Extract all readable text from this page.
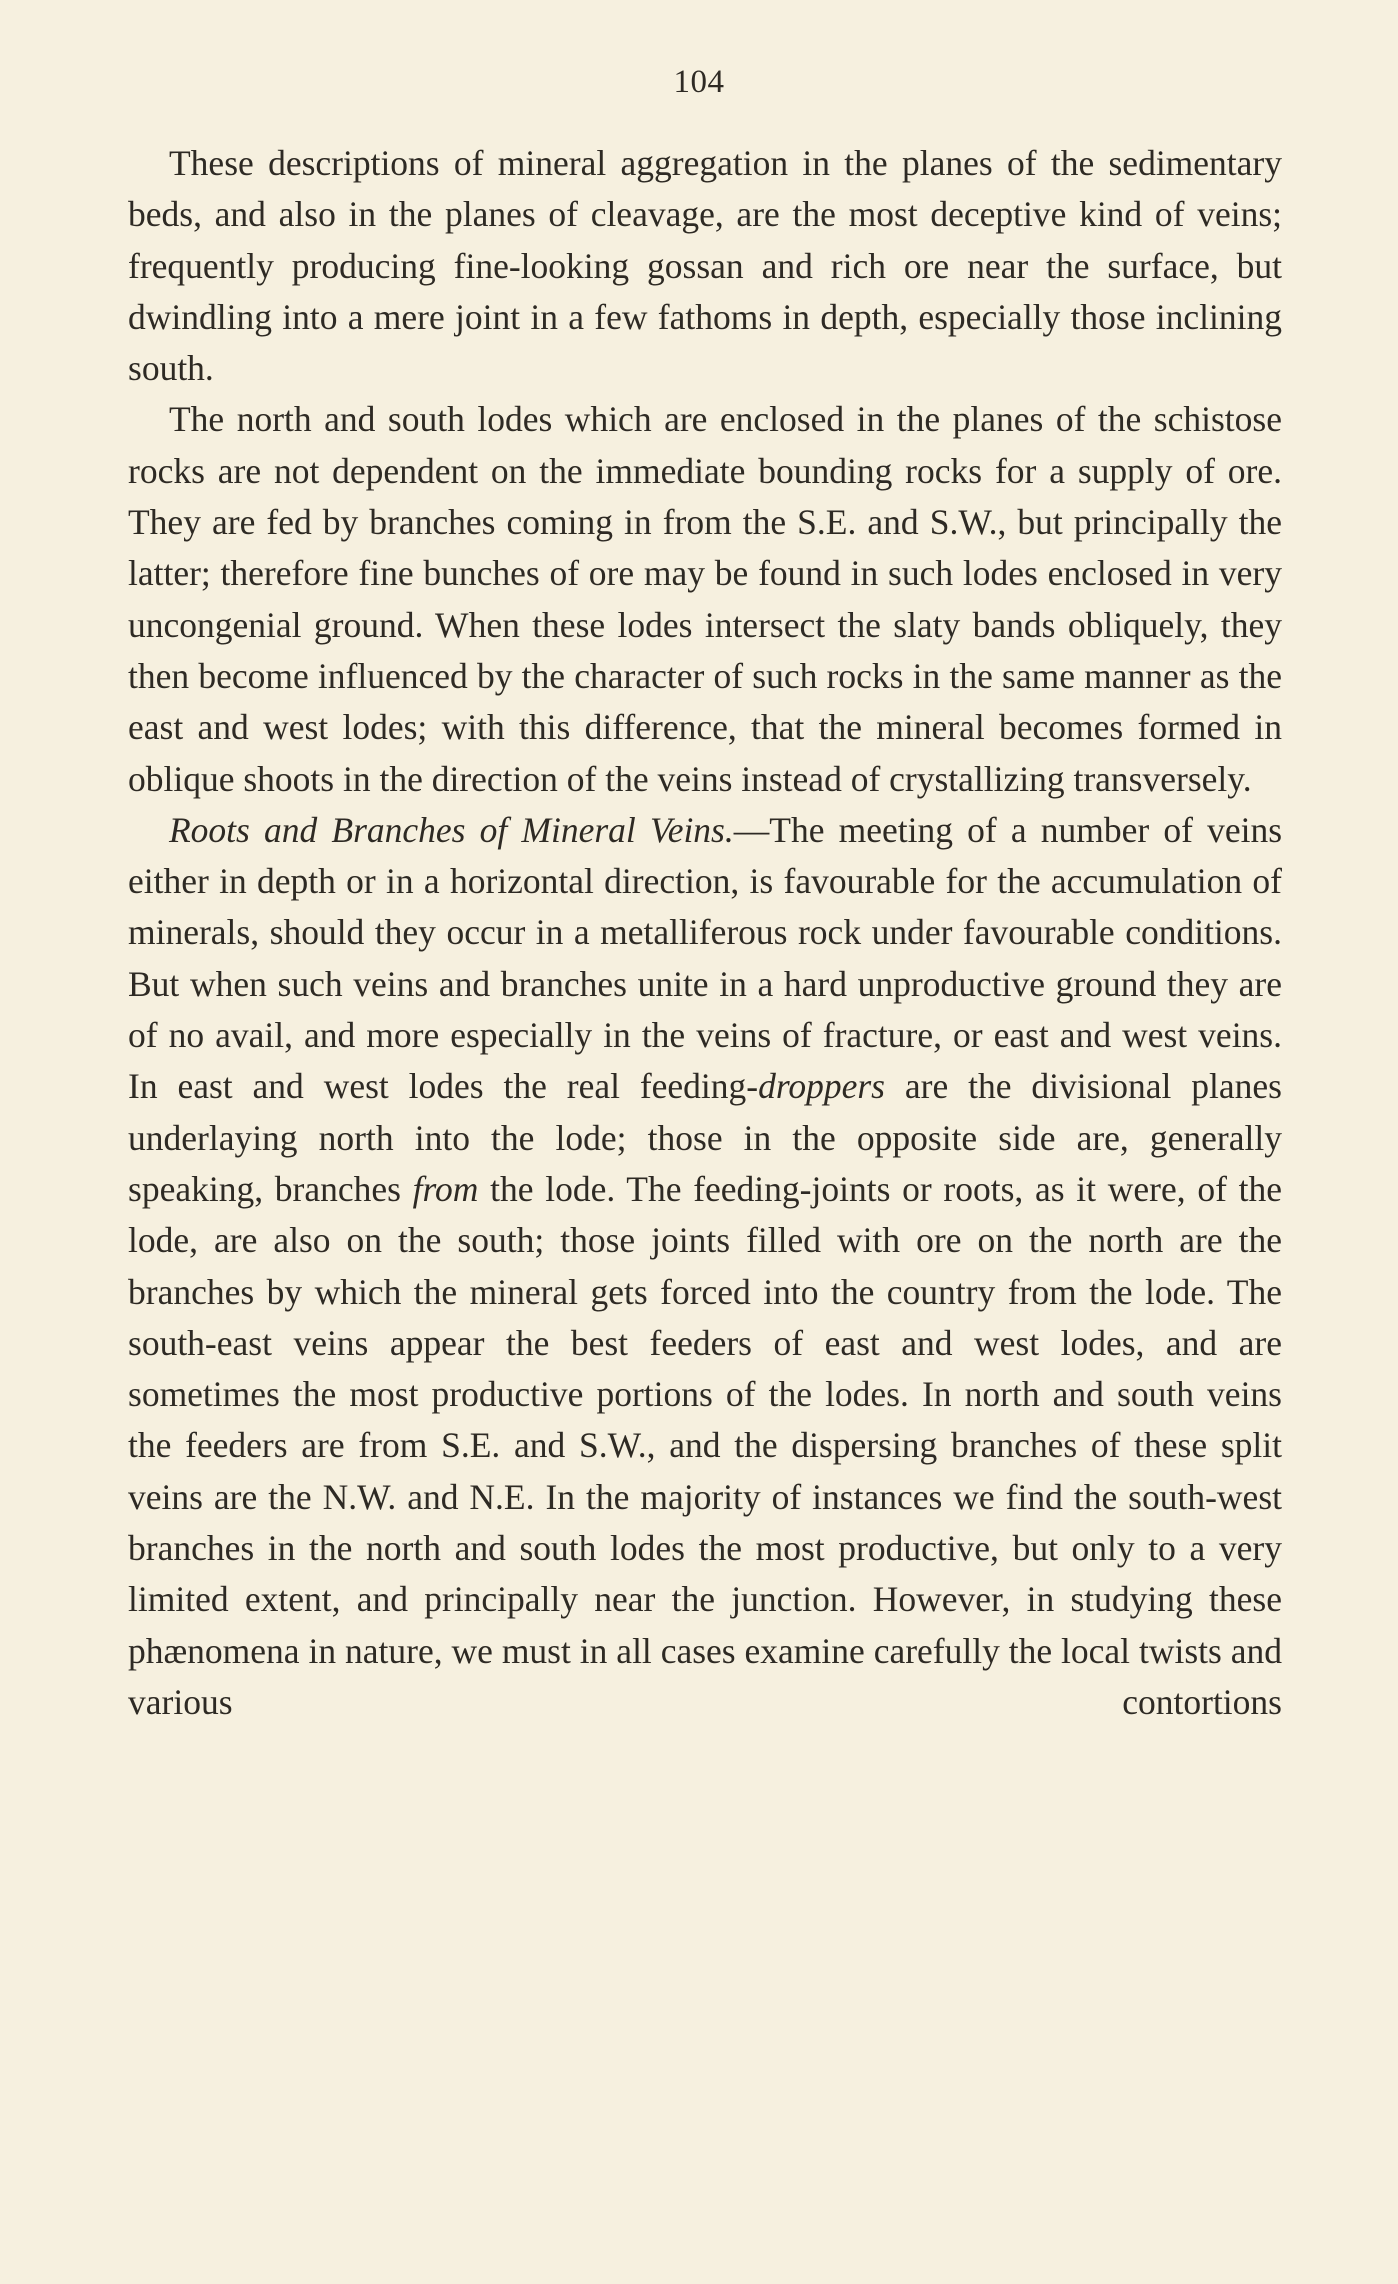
104

These descriptions of mineral aggregation in the planes of the sedimentary beds, and also in the planes of cleavage, are the most deceptive kind of veins; frequently producing fine-looking gossan and rich ore near the surface, but dwindling into a mere joint in a few fathoms in depth, especially those inclining south.

The north and south lodes which are enclosed in the planes of the schistose rocks are not dependent on the immediate bounding rocks for a supply of ore. They are fed by branches coming in from the S.E. and S.W., but principally the latter; therefore fine bunches of ore may be found in such lodes enclosed in very uncongenial ground. When these lodes intersect the slaty bands obliquely, they then become influenced by the character of such rocks in the same manner as the east and west lodes; with this difference, that the mineral becomes formed in oblique shoots in the direction of the veins instead of crystallizing transversely.

Roots and Branches of Mineral Veins.—The meeting of a number of veins either in depth or in a horizontal direction, is favourable for the accumulation of minerals, should they occur in a metalliferous rock under favourable conditions. But when such veins and branches unite in a hard unproductive ground they are of no avail, and more especially in the veins of fracture, or east and west veins. In east and west lodes the real feeding-droppers are the divisional planes underlaying north into the lode; those in the opposite side are, generally speaking, branches from the lode. The feeding-joints or roots, as it were, of the lode, are also on the south; those joints filled with ore on the north are the branches by which the mineral gets forced into the country from the lode. The south-east veins appear the best feeders of east and west lodes, and are sometimes the most productive portions of the lodes. In north and south veins the feeders are from S.E. and S.W., and the dispersing branches of these split veins are the N.W. and N.E. In the majority of instances we find the south-west branches in the north and south lodes the most productive, but only to a very limited extent, and principally near the junction. However, in studying these phænomena in nature, we must in all cases examine carefully the local twists and various contortions
